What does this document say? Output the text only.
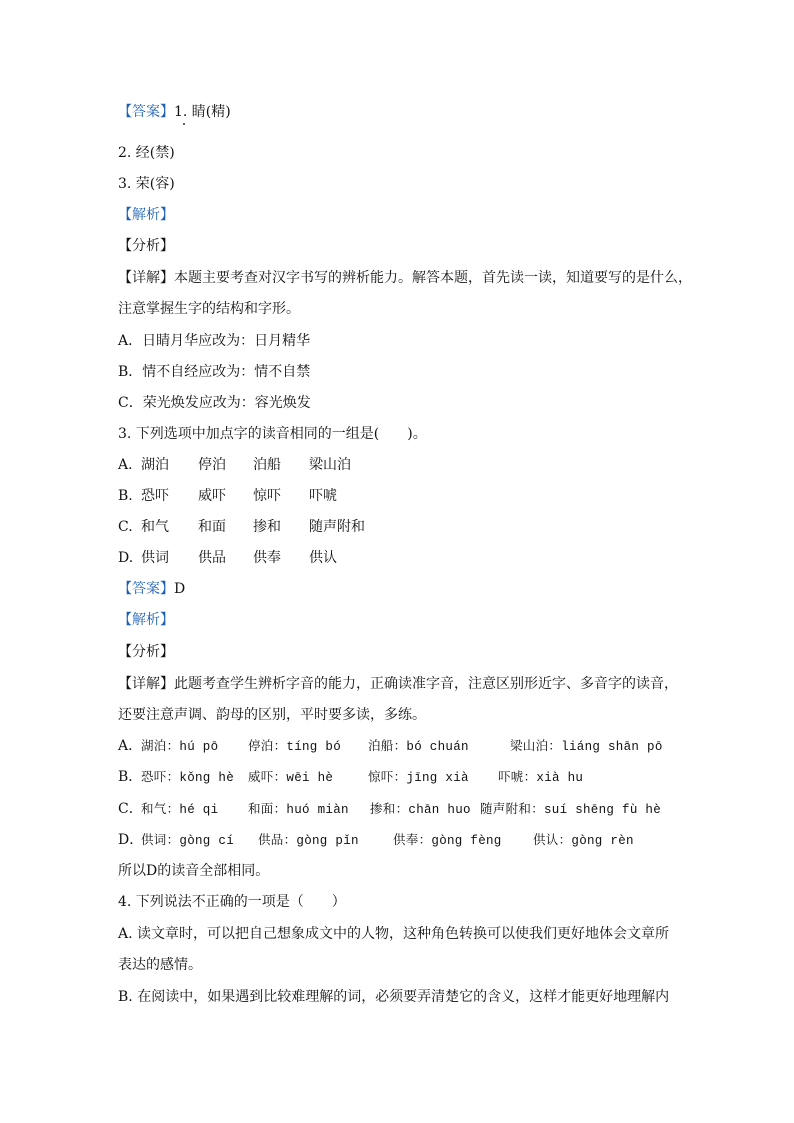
【答案】1. 睛(精)
2. 经(禁)
3. 荣(容)
【解析】
【分析】
【详解】本题主要考查对汉字书写的辨析能力。解答本题，首先读一读，知道要写的是什么，
注意掌握生字的结构和字形。
A．日睛月华应改为：日月精华
B．情不自经应改为：情不自禁
C．荣光焕发应改为：容光焕发
3. 下列选项中加点字的读音相同的一组是(　　)。
A. 湖泊 停泊 泊船 梁山泊
B. 恐吓 威吓 惊吓 吓唬
C. 和气 和面 掺和 随声附和
D. 供词 供品 供奉 供认
【答案】D
【解析】
【分析】
【详解】此题考查学生辨析字音的能力，正确读准字音，注意区别形近字、多音字的读音，
还要注意声调、韵母的区别，平时要多读，多练。
A．湖泊：hú pō 停泊：tíng bó 泊船：bó chuán	梁山泊：liáng shān pō
B．恐吓：kǒng hè 威吓：wēi hè	惊吓：jīng xià 吓唬：xià hu
C．和气：hé qi 和面：huó miàn 掺和：chān huo 随声附和：suí shēng fù hè
D．供词：gòng cí 供品：gòng pǐn	供奉：gòng fèng	供认：gòng rèn
所以D的读音全部相同。
4. 下列说法不正确的一项是（　　）
A. 读文章时，可以把自己想象成文中的人物，这种角色转换可以使我们更好地体会文章所
表达的感情。
B. 在阅读中，如果遇到比较难理解的词，必须要弄清楚它的含义，这样才能更好地理解内
